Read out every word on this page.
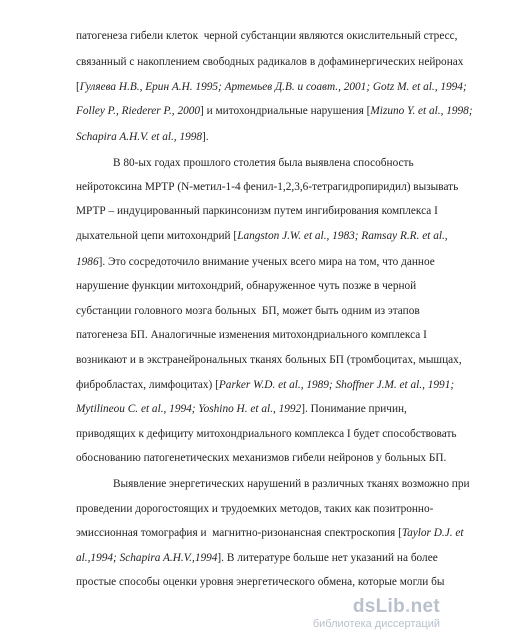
патогенеза гибели клеток  черной субстанции являются окислительный стресс,
связанный с накоплением свободных радикалов в дофаминергических нейронах
[Гуляева Н.В., Ерин А.Н. 1995; Артемьев Д.В. и соавт., 2001; Gotz M. et al., 1994;
Folley P., Riederer P., 2000] и митохондриальные нарушения [Mizuno Y. et al., 1998;
Schapira A.H.V. et al., 1998].
В 80-ых годах прошлого столетия была выявлена способность
нейротоксина МРТР (N-метил-1-4 фенил-1,2,3,6-тетрагидропиридил) вызывать
МРТР – индуцированный паркинсонизм путем ингибирования комплекса I
дыхательной цепи митохондрий [Langston J.W. et al., 1983; Ramsay R.R. et al.,
1986]. Это сосредоточило внимание ученых всего мира на том, что данное
нарушение функции митохондрий, обнаруженное чуть позже в черной
субстанции головного мозга больных  БП, может быть одним из этапов
патогенеза БП. Аналогичные изменения митохондриального комплекса I
возникают и в экстранейрональных тканях больных БП (тромбоцитах, мышцах,
фибробластах, лимфоцитах) [Parker W.D. et al., 1989; Shoffner J.M. et al., 1991;
Mytilineou C. et al., 1994; Yoshino H. et al., 1992]. Понимание причин,
приводящих к дефициту митохондриального комплекса I будет способствовать
обоснованию патогенетических механизмов гибели нейронов у больных БП.
Выявление энергетических нарушений в различных тканях возможно при
проведении дорогостоящих и трудоемких методов, таких как позитронно-
эмиссионная томография и  магнитно-ризонансная спектроскопия [Taylor D.J. et
al.,1994; Schapira A.H.V.,1994]. В литературе больше нет указаний на более
простые способы оценки уровня энергетического обмена, которые могли бы
dsLib.net
библиотека диссертаций
